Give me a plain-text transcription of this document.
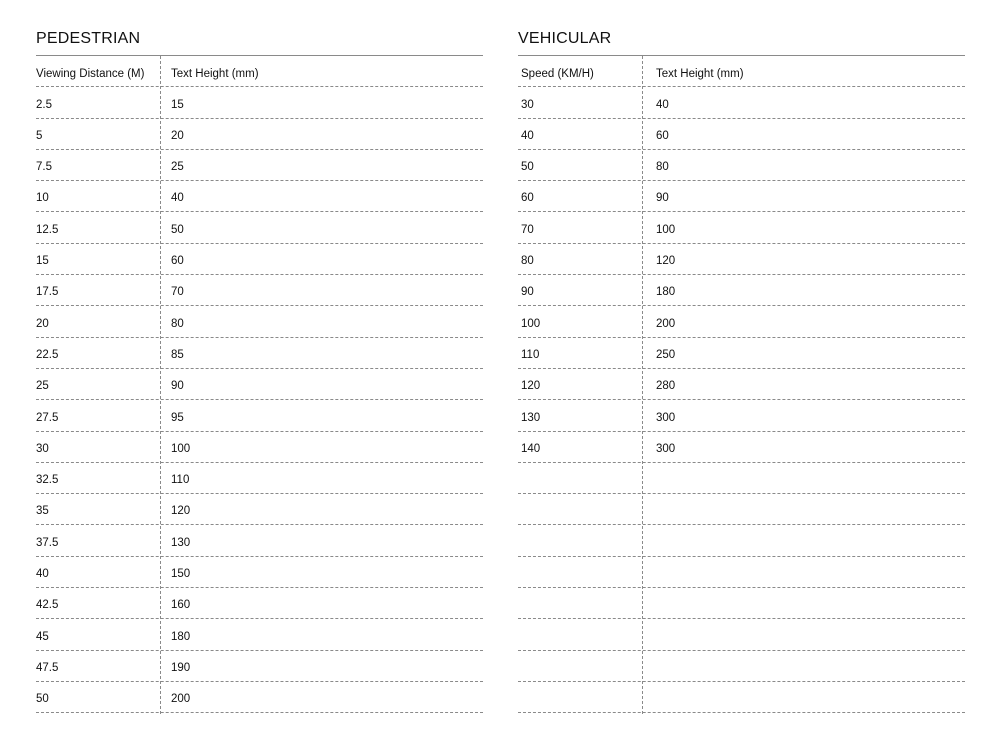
PEDESTRIAN
Viewing Distance (M) Text Height (mm)
2.5	15
5	20
7.5	25
10	40
12.5	50
15	60
17.5	70
20	80
22.5	85
25	90
27.5	95
30	100
32.5	110
35	120
37.5	130
40	150
42.5	160
45	180
47.5	190
50	200
VEHICULAR
Speed (KM/H)	Text Height (mm)
30	40
40	60
50	80
60	90
70	100
80	120
90	180
100	200
110	250
120	280
130	300
140	300
